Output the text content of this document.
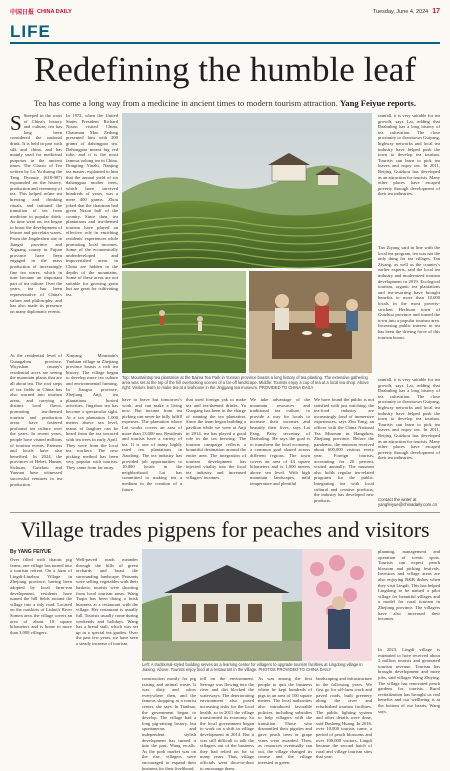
中国日报 CHINA DAILY	Tuesday, June 4, 2024 17
LIFE
Redefining the humble leaf
Tea has come a long way from a medicine in ancient times to modern tourism attraction. Yang Feiyue reports.
S Steeped in the roots of China's history and culture, tea has long been considered the national drink. It is held in part with silk and china, and has mainly used for medicinal purposes in the ancient times. The Classic of Tea written by Lu Yu during the Tang Dynasty (618-907) expounded on the history, production and ceremony of tea. This helped refine tea brewing and drinking rituals, and initiated the transition of tea from medicine to popular drink. As time went on, tea began to boast the development of leisure and porcelain wares. From the Jingdezhen site in Jiangxi province and Xiguang county in Fujian province have been engaged in the mass production of increasingly fine tea wares, which in turn became an important part of tea culture. Over the years, tea has been representative of China's values and philosophy, and has also made its presence on many diplomatic events.

In 1972, when the United States President Richard Nixon visited China, Chairman Mao Zedong presented him with 200 grams of dahongpao tea. Dahongpao meant big red robe, and it is the most famous oolong tea in China. Dongting Yinzhi, Nanjing tea master, explained to him that the annual yield of six dahongpao mother trees, which have survived hundreds of years, was a mere 400 grams. Zhou joked that the chairman had given Nixon half of the country. Since then, tea plantations and tea-themed tourism have played an effective role in enriching residents' experiences while promoting local incomes. Some of the economically underdeveloped and impoverished areas in China are hidden in the depths of the mountains. Some of these areas are not suitable for growing grain but are great for cultivating tea.

At the residential level of Guangzhou province, Wuyishan county's residential acres are seeing the mountain plants that are all about tea. The roof steps of tea fields in China has also warned into tourism areas, and carrying a distinct local flavor, promoting tea-themed tourism and production areas have fostered profound tea culture over the years. In recent years, people have visited millions of tourism events. Farmers and locals have also benefited. In 2024, the provinces of Hebei, Hunan, Sichuan, Guizhou and Yunnan have witnessed successful ventures in tea production.

Xinyang Mountain's Yunbian village in Zhejiang province boasts a rich tea history. The village began to develop more tea culture and environmental farming. In Jiangsu province, Zhejiang Anji, tea plantations hosted activities. Jingzhou tea has become a spectacular sight. At a tea plantation 1,000 meters above sea level, teams of laughter can be heard from the tea terraced with tea trees in early April. They were from the local tea workers. The new picking method has been very popular with tourists. They came from far away.

Top: Mountaintop tea plantation at the Baima Tea Park in Yunnan province boasts a long history of tea planting. The extensive gathering area was set at the top of the hill overlooking scenes of a far-off landscape. Middle: Tourists enjoy a cup of tea at a local tea shop. Above right: Visitors learn to make tea at a teahouse in the Jinggang tea museum. PROVIDED TO CHINA DAILY

have to leave but tomorrow's work, and can make a living now. But income from tea picking can never be fully fulfill expenses. The plantation where Lai works covers an area of more than 13,000 mu. Residents and tourists have a variety of tea. It is one of many highly rated tea plantations in Jiaodong. The tea industry has provided job opportunities to 10,000 locals in the neighborhood. Lai has committed to making tea a medium in the creation of a future.

that used foreign yak to make tea and tea-themed drinks. Yu Guogang has been in the charge of running the tea plantation. Since the team began building a pavilion while we were at Anji in 2014, tea has played a good role in the tea brewing. The tourism campaign reflects a bountiful destination around the entire area. The integration of tourism development has injected vitality into the local tea industry and increased villagers' incomes.

We take advantage of the mountain resources and traditional tea culture, to provide a way for locals to increase their incomes and beautify their lives, says Lai Fang, Party secretary of Dazhuling. He says the goal is to transform the local economy, a common goal shared across different regions. The town covers an area of 44 square kilometers and is 1,000 meters above sea level. With high mountain landscapes, mild temperature and plentiful

rainfall, it is very suitable for tea growth, says Lai, adding that Dazhuling has a long history of tea cultivation. The close proximity to downtown Guiyang, highway networks and local tea industry have helped push the town to develop tea tourism. Tourists can learn to pick tea leaves and enjoy tea. In 2011, Beijing Guizhou has developed as an attraction for tourists. Many other places have escaped poverty through development of their tea industries.

Tan Ziyang said in line with the local tea program, tea was not the only thing for tea villages. Tan Ziyang, as well as the country's earlier experts, said the local tea industry and modernized tourism development in 2019. Ecological tourism, organic tea plantations and tea-resorting have brought benefits to more than 10,000 locals in the most poverty-stricken Hechuan town of Guizhou province and turned the town into a popular tourism area. Increasing public interest in tea has been the driving force of this tourism boom.

We have found the public is not satisfied with just watching, the tea-food industry are increasingly fond of immersive experiences, says Zhu Yang, an officer with the China National Tea Museum in Hangzhou, Zhejiang province. Before the pandemic, the museum received about 600,000 visitors every year. Foreign tourists, accounting for 20 percent, visited annually. The museum also holds regular tea-related programs for the public. Integrating tea with local cultural and creative products, the industry has developed new products.

rainfall, it is very suitable for tea growth, says Lai, adding that Dazhuling has a long history of tea cultivation. The close proximity to downtown Guiyang, highway networks and local tea industry have helped push the town to develop tea tourism. Tourists can learn to pick tea leaves and enjoy tea. In 2011, Beijing Guizhou has developed as an attraction for tourists. Many other places have escaped poverty through development of their tea industries.

Contact the writer at yangfeiyue@chinadaily.com.cn
Village trades pigpens for peaches and visitors
By YANG FEIYUE

Over filled with chaotic pig farms, one village has turned into a tourism retreat. On a farm of Lingdi-Linzhou Village in Zhejiang province, having been adopted by local farm-run development, residents have turned the hill fields around the village into a tidy road. Located on the outskirts of Lishui's River Somen area, the village covers an area of about 10 square kilometers and is home to more than 3,000 villagers.

Well-paved roads meander through the hills of green orchards and boast the surrounding landscape. Peasants were selling vegetables with their baskets; tourists were shooting from local tourism areas. Wang Tuqin has been doing a brisk business at a restaurant with the village. Her restaurant is usually full. Tourists usually come during weekends and holidays. Wang has a bread stall, which was set up in a special tea garden. Over the past few years, we have seen a steady increase of tourism.

Left: A traditional-styled building serves as a learning center for villagers to upgrade tourism facilities at Lingdong village in Jiaxing. Above: Tourists enjoy food at a restaurant in the village. PHOTOS PROVIDED TO CHINA DAILY

construction mostly for pig raising and animal waste. It was dirty and odors everywhere then, and the famous shopping at a tourist center, she says. In Tianhua, the government began to develop. The village had a long pig-raising history, but spontaneous and independent stylish development has turned it into the past, Wang recalls. As the pork market was on the rise, villagers were encouraged to expand their business for their livelihood.

toll on the environment. Sewage was flowing into the river and dirt blocked the waterways. The deteriorating environment also posed increasing risks for the local health, so in 2011 the village transformed its economy. So the local government began to work on a shift in village development in 2014. But it was still difficult to talk the villagers out of the business they had relied on for so many years. Thus, village officials went door-to-door to encourage them.

As was among the first people to quit the business where he kept hundreds of pigs in an area of 100 square meters. The local authorities also introduced favorable policies, including subsidies to help villagers with the transition. Those who dismantled their pigsties and gave peach trees or grape vines were awarded. Then, as resources eventually ran out, the village changed its course and the village invested in green.

landscaping and infrastructure in the following years. We first go for off-farm work and paved roads, built greenery along the river and refurbished tourism facilities. The public lighting system and other details were done, said Dasheng Huang. In 2016, over 10,000 tourists came, a period of peach blossoms and over 100,000 visitors. Lingdi became the second batch of rural and village tourism sites that year.

planning, management and operation of scenic spots. Tourists can expect peach blossom and picking festivals. Investors and village areas are also enjoying B&B dishes when they visit Lingdi. This has helped Lingdong to be named a pilot village for beautiful villages and a model for rural tourism in Zhejiang province. The villagers have also increased their incomes.

In 2023, Lingdi village is estimated to have received about 2 million tourists and generated tourism revenue. Tourism has brought development and more jobs, said villager Wang Zhiying. The village has renovated peach gardens for tourists. Rural revitalization has brought us real benefits and our wellbeing is at the bottom of our hearts, Wang says.
